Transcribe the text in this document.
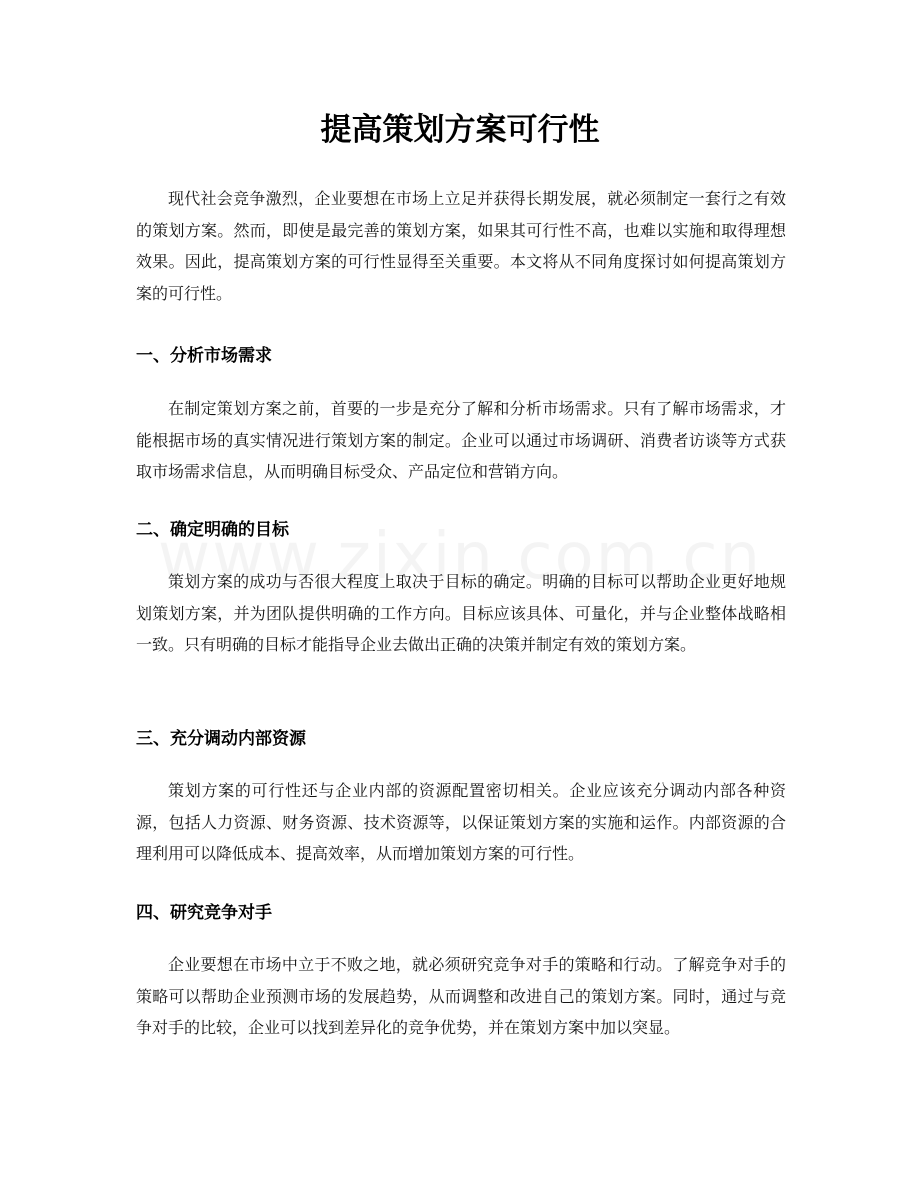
提高策划方案可行性

现代社会竞争激烈，企业要想在市场上立足并获得长期发展，就必须制定一套行之有效的策划方案。然而，即使是最完善的策划方案，如果其可行性不高，也难以实施和取得理想效果。因此，提高策划方案的可行性显得至关重要。本文将从不同角度探讨如何提高策划方案的可行性。

一、分析市场需求

在制定策划方案之前，首要的一步是充分了解和分析市场需求。只有了解市场需求，才能根据市场的真实情况进行策划方案的制定。企业可以通过市场调研、消费者访谈等方式获取市场需求信息，从而明确目标受众、产品定位和营销方向。

二、确定明确的目标

策划方案的成功与否很大程度上取决于目标的确定。明确的目标可以帮助企业更好地规划策划方案，并为团队提供明确的工作方向。目标应该具体、可量化，并与企业整体战略相一致。只有明确的目标才能指导企业去做出正确的决策并制定有效的策划方案。

三、充分调动内部资源

策划方案的可行性还与企业内部的资源配置密切相关。企业应该充分调动内部各种资源，包括人力资源、财务资源、技术资源等，以保证策划方案的实施和运作。内部资源的合理利用可以降低成本、提高效率，从而增加策划方案的可行性。

四、研究竞争对手

企业要想在市场中立于不败之地，就必须研究竞争对手的策略和行动。了解竞争对手的策略可以帮助企业预测市场的发展趋势，从而调整和改进自己的策划方案。同时，通过与竞争对手的比较，企业可以找到差异化的竞争优势，并在策划方案中加以突显。
